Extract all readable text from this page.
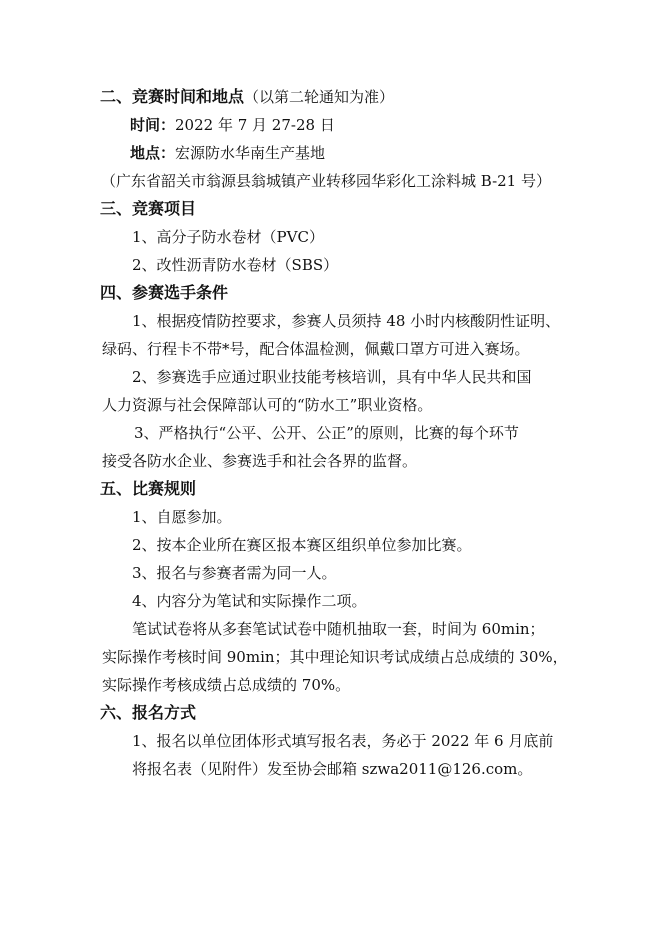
二、竞赛时间和地点（以第二轮通知为准）
时间：2022 年 7 月 27-28 日
地点：宏源防水华南生产基地
（广东省韶关市翁源县翁城镇产业转移园华彩化工涂料城 B-21 号）
三、竞赛项目
1、高分子防水卷材（PVC）
2、改性沥青防水卷材（SBS）
四、参赛选手条件
1、根据疫情防控要求，参赛人员须持 48 小时内核酸阴性证明、
绿码、行程卡不带*号，配合体温检测，佩戴口罩方可进入赛场。
2、参赛选手应通过职业技能考核培训，具有中华人民共和国
人力资源与社会保障部认可的“防水工”职业资格。
3、严格执行“公平、公开、公正”的原则，比赛的每个环节
接受各防水企业、参赛选手和社会各界的监督。
五、比赛规则
1、自愿参加。
2、按本企业所在赛区报本赛区组织单位参加比赛。
3、报名与参赛者需为同一人。
4、内容分为笔试和实际操作二项。
笔试试卷将从多套笔试试卷中随机抽取一套，时间为 60min；
实际操作考核时间 90min；其中理论知识考试成绩占总成绩的 30%，
实际操作考核成绩占总成绩的 70%。
六、报名方式
1、报名以单位团体形式填写报名表，务必于 2022 年 6 月底前
将报名表（见附件）发至协会邮箱 szwa2011@126.com。
